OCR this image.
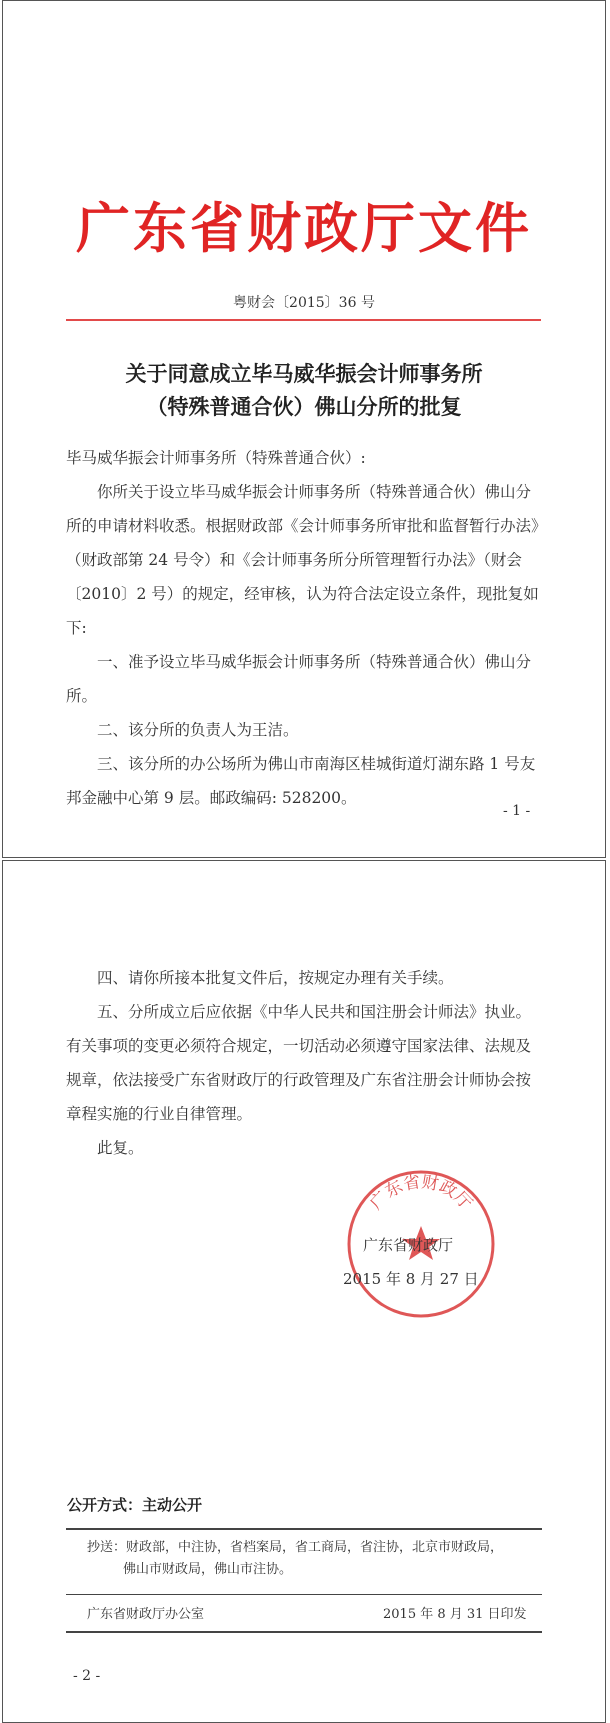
广东省财政厅文件
粤财会〔2015〕36 号
关于同意成立毕马威华振会计师事务所
（特殊普通合伙）佛山分所的批复
毕马威华振会计师事务所（特殊普通合伙）:
你所关于设立毕马威华振会计师事务所（特殊普通合伙）佛山分所的申请材料收悉。根据财政部《会计师事务所审批和监督暂行办法》（财政部第 24 号令）和《会计师事务所分所管理暂行办法》（财会〔2010〕2 号）的规定，经审核，认为符合法定设立条件，现批复如下:
一、准予设立毕马威华振会计师事务所（特殊普通合伙）佛山分所。
二、该分所的负责人为王洁。
三、该分所的办公场所为佛山市南海区桂城街道灯湖东路 1 号友邦金融中心第 9 层。邮政编码: 528200。
- 1 -
四、请你所接本批复文件后，按规定办理有关手续。
五、分所成立后应依据《中华人民共和国注册会计师法》执业。有关事项的变更必须符合规定，一切活动必须遵守国家法律、法规及规章，依法接受广东省财政厅的行政管理及广东省注册会计师协会按章程实施的行业自律管理。
此复。
广东省财政厅
广东省财政厅
2015 年 8 月 27 日
公开方式：主动公开
抄送：财政部，中注协，省档案局，省工商局，省注协，北京市财政局，
佛山市财政局，佛山市注协。
广东省财政厅办公室	2015 年 8 月 31 日印发
- 2 -
